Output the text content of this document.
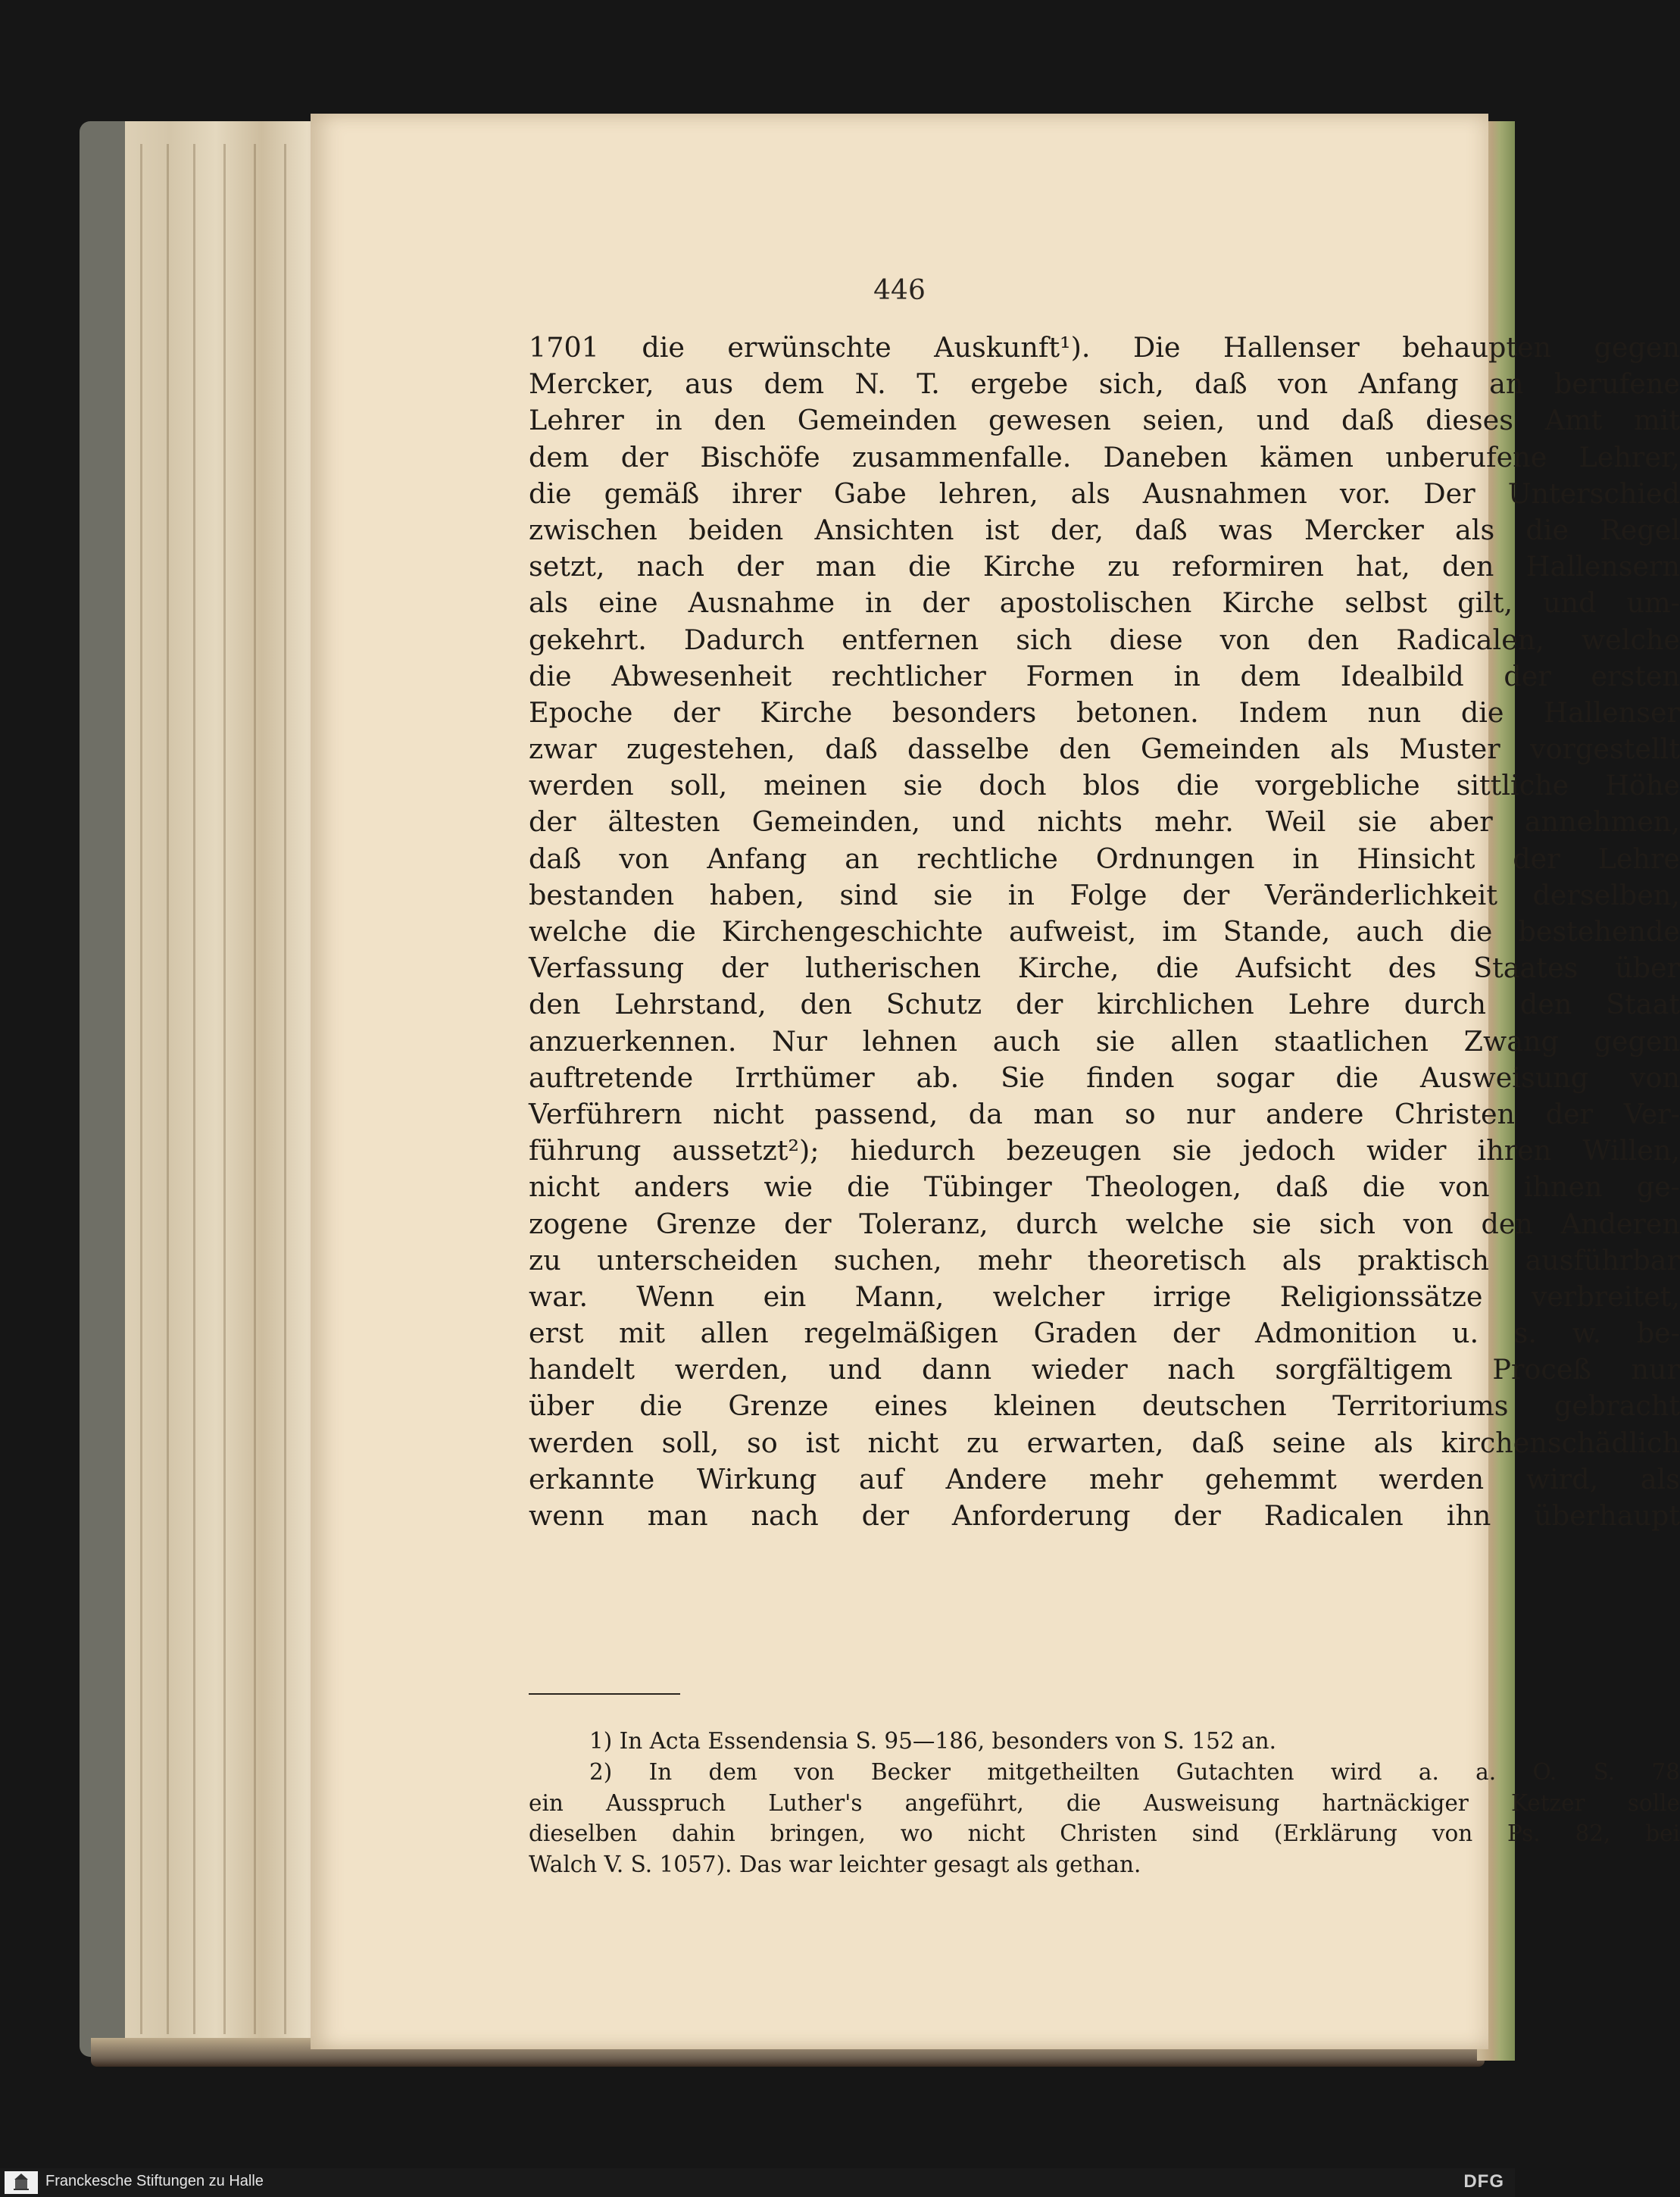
446
1701 die erwünschte Auskunft¹). Die Hallenser behaupten gegen
Mercker, aus dem N. T. ergebe sich, daß von Anfang an berufene
Lehrer in den Gemeinden gewesen seien, und daß dieses Amt mit
dem der Bischöfe zusammenfalle. Daneben kämen unberufene Lehrer,
die gemäß ihrer Gabe lehren, als Ausnahmen vor. Der Unterschied
zwischen beiden Ansichten ist der, daß was Mercker als die Regel
setzt, nach der man die Kirche zu reformiren hat, den Hallensern
als eine Ausnahme in der apostolischen Kirche selbst gilt, und um-
gekehrt. Dadurch entfernen sich diese von den Radicalen, welche
die Abwesenheit rechtlicher Formen in dem Idealbild der ersten
Epoche der Kirche besonders betonen. Indem nun die Hallenser
zwar zugestehen, daß dasselbe den Gemeinden als Muster vorgestellt
werden soll, meinen sie doch blos die vorgebliche sittliche Höhe
der ältesten Gemeinden, und nichts mehr. Weil sie aber annehmen,
daß von Anfang an rechtliche Ordnungen in Hinsicht der Lehre
bestanden haben, sind sie in Folge der Veränderlichkeit derselben,
welche die Kirchengeschichte aufweist, im Stande, auch die bestehende
Verfassung der lutherischen Kirche, die Aufsicht des Staates über
den Lehrstand, den Schutz der kirchlichen Lehre durch den Staat
anzuerkennen. Nur lehnen auch sie allen staatlichen Zwang gegen
auftretende Irrthümer ab. Sie finden sogar die Ausweisung von
Verführern nicht passend, da man so nur andere Christen der Ver-
führung aussetzt²); hiedurch bezeugen sie jedoch wider ihren Willen,
nicht anders wie die Tübinger Theologen, daß die von ihnen ge-
zogene Grenze der Toleranz, durch welche sie sich von den Anderen
zu unterscheiden suchen, mehr theoretisch als praktisch ausführbar
war. Wenn ein Mann, welcher irrige Religionssätze verbreitet,
erst mit allen regelmäßigen Graden der Admonition u. s. w. be-
handelt werden, und dann wieder nach sorgfältigem Proceß nur
über die Grenze eines kleinen deutschen Territoriums gebracht
werden soll, so ist nicht zu erwarten, daß seine als kirchenschädlich
erkannte Wirkung auf Andere mehr gehemmt werden wird, als
wenn man nach der Anforderung der Radicalen ihn überhaupt
1) In Acta Essendensia S. 95—186, besonders von S. 152 an.
2) In dem von Becker mitgetheilten Gutachten wird a. a. O. S. 78
ein Ausspruch Luther's angeführt, die Ausweisung hartnäckiger Ketzer solle
dieselben dahin bringen, wo nicht Christen sind (Erklärung von Ps. 82, bei
Walch V. S. 1057). Das war leichter gesagt als gethan.
Franckesche Stiftungen zu Halle	DFG
